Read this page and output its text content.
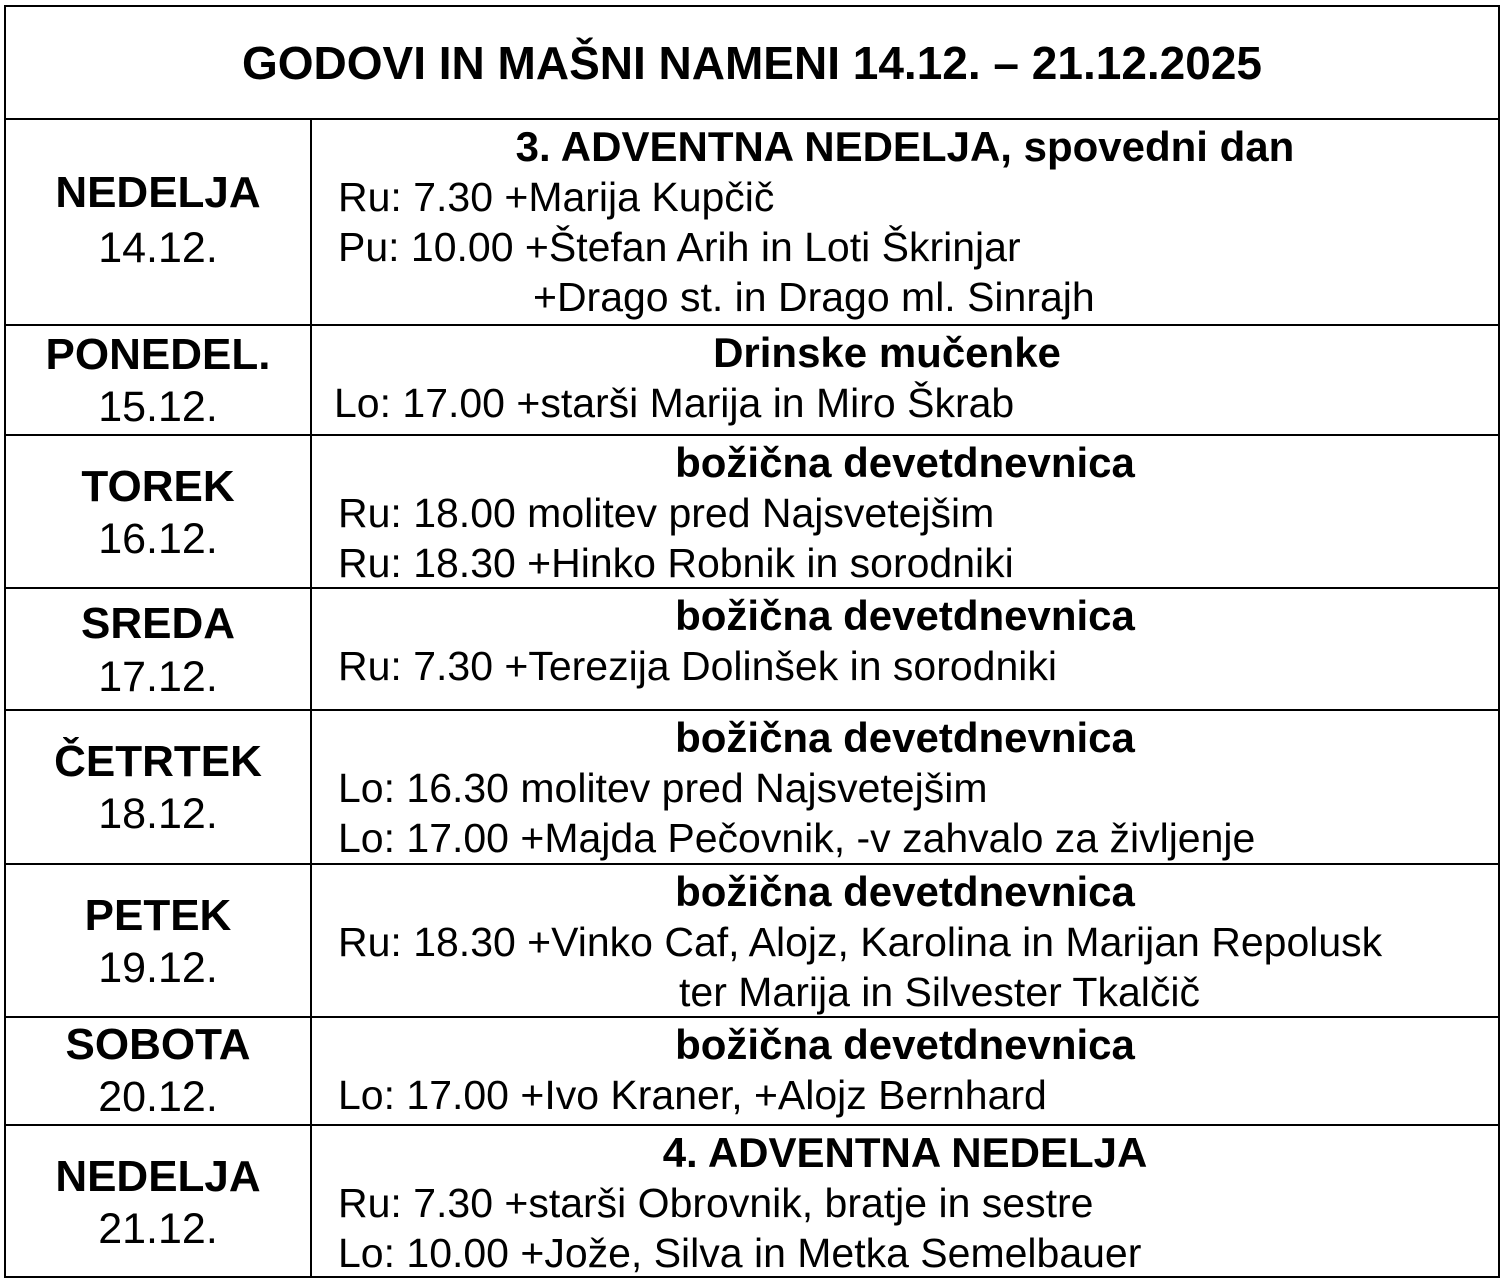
GODOVI IN MAŠNI NAMENI 14.12. – 21.12.2025
NEDELJA
14.12.
3. ADVENTNA NEDELJA, spovedni dan
Ru: 7.30 +Marija Kupčič
Pu: 10.00 +Štefan Arih in Loti Škrinjar
+Drago st. in Drago ml. Sinrajh
PONEDEL.
15.12.
Drinske mučenke
Lo: 17.00 +starši Marija in Miro Škrab
TOREK
16.12.
božična devetdnevnica
Ru: 18.00 molitev pred Najsvetejšim
Ru: 18.30 +Hinko Robnik in sorodniki
SREDA
17.12.
božična devetdnevnica
Ru: 7.30 +Terezija Dolinšek in sorodniki
ČETRTEK
18.12.
božična devetdnevnica
Lo: 16.30 molitev pred Najsvetejšim
Lo: 17.00 +Majda Pečovnik, -v zahvalo za življenje
PETEK
19.12.
božična devetdnevnica
Ru: 18.30 +Vinko Caf, Alojz, Karolina in Marijan Repolusk
ter Marija in Silvester Tkalčič
SOBOTA
20.12.
božična devetdnevnica
Lo: 17.00 +Ivo Kraner, +Alojz Bernhard
NEDELJA
21.12.
4. ADVENTNA NEDELJA
Ru: 7.30 +starši Obrovnik, bratje in sestre
Lo: 10.00 +Jože, Silva in Metka Semelbauer
